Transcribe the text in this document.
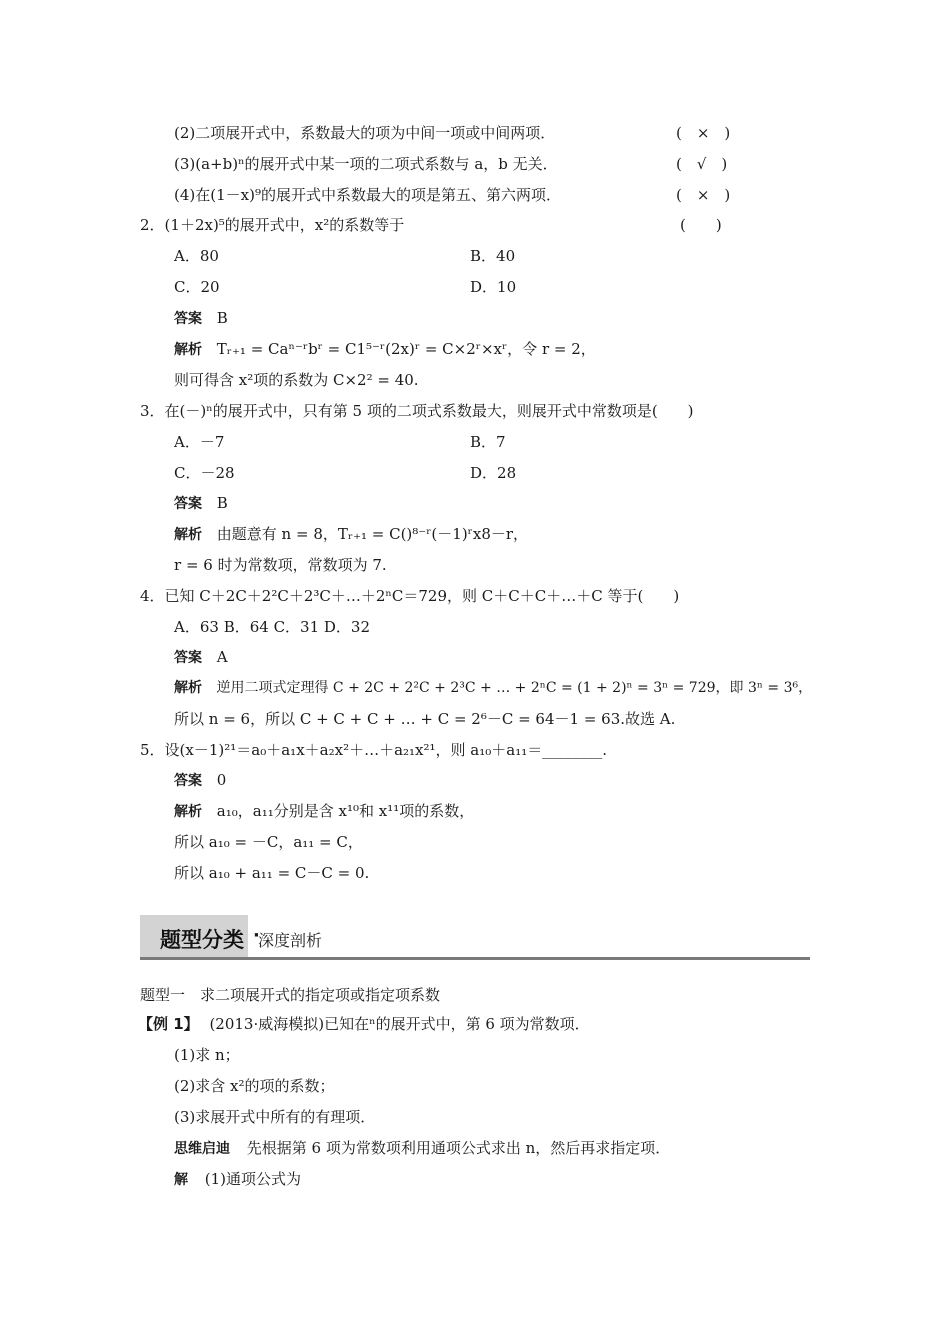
(2)二项展开式中，系数最大的项为中间一项或中间两项．	(　×　)
(3)(a+b)ⁿ的展开式中某一项的二项式系数与 a，b 无关．	(　√　)
(4)在(1－x)⁹的展开式中系数最大的项是第五、第六两项．	(　×　)
2．(1＋2x)⁵的展开式中，x²的系数等于	(　　)
A．80	B．40
C．20	D．10
答案 B
解析 Tᵣ₊₁ = Caⁿ⁻ʳbʳ = C1⁵⁻ʳ(2x)ʳ = C×2ʳ×xʳ，令 r = 2，
则可得含 x²项的系数为 C×2² = 40.
3．在(－)ⁿ的展开式中，只有第 5 项的二项式系数最大，则展开式中常数项是(　　)
A．－7	B．7
C．－28	D．28
答案 B
解析 由题意有 n = 8，Tᵣ₊₁ = C()⁸⁻ʳ(－1)ʳx8－r，
r = 6 时为常数项，常数项为 7.
4．已知 C＋2C＋2²C＋2³C＋…＋2ⁿC＝729，则 C＋C＋C＋…＋C 等于(　　)
A．63 B．64 C．31 D．32
答案 A
解析 逆用二项式定理得 C + 2C + 2²C + 2³C + … + 2ⁿC = (1 + 2)ⁿ = 3ⁿ = 729，即 3ⁿ = 3⁶，
所以 n = 6，所以 C + C + C + … + C = 2⁶－C = 64－1 = 63.故选 A.
5．设(x－1)²¹＝a₀＋a₁x＋a₂x²＋…＋a₂₁x²¹，则 a₁₀＋a₁₁＝________.
答案 0
解析 a₁₀，a₁₁分别是含 x¹⁰和 x¹¹项的系数，
所以 a₁₀ = －C，a₁₁ = C，
所以 a₁₀ + a₁₁ = C－C = 0.
题型分类 ·
深度剖析
题型一　求二项展开式的指定项或指定项系数
【例 1】 (2013·威海模拟)已知在ⁿ的展开式中，第 6 项为常数项．
(1)求 n；
(2)求含 x²的项的系数；
(3)求展开式中所有的有理项．
思维启迪 先根据第 6 项为常数项利用通项公式求出 n，然后再求指定项．
解 (1)通项公式为
